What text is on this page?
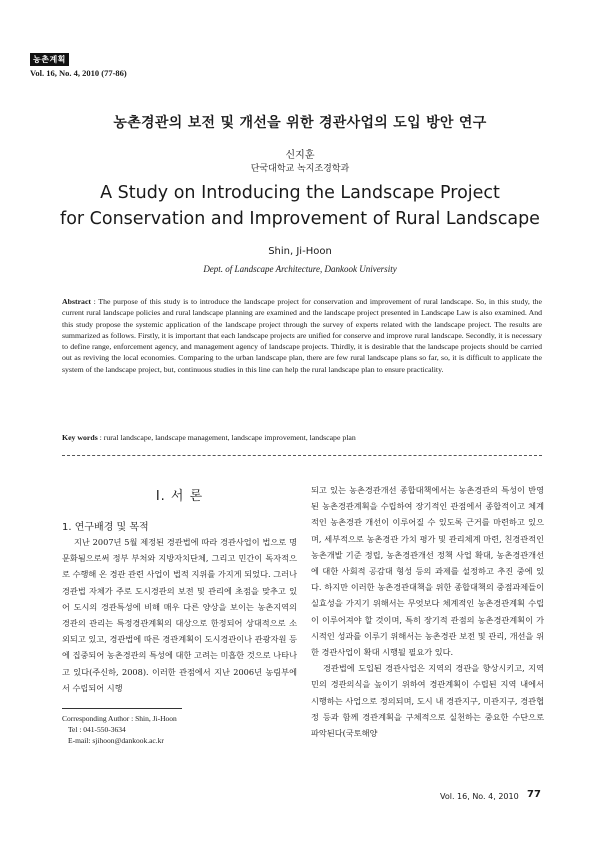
농촌계획
Vol. 16, No. 4, 2010 (77-86)
농촌경관의 보전 및 개선을 위한 경관사업의 도입 방안 연구
신지훈
단국대학교 녹지조경학과
A Study on Introducing the Landscape Project
for Conservation and Improvement of Rural Landscape
Shin, Ji-Hoon
Dept. of Landscape Architecture, Dankook University
Abstract : The purpose of this study is to introduce the landscape project for conservation and improvement of rural landscape. So, in this study, the current rural landscape policies and rural landscape planning are examined and the landscape project presented in Landscape Law is also examined. And this study propose the systemic application of the landscape project through the survey of experts related with the landscape project. The results are summarized as follows. Firstly, it is important that each landscape projects are unified for conserve and improve rural landscape. Secondly, it is necessary to define range, enforcement agency, and management agency of landscape projects. Thirdly, it is desirable that the landscape projects should be carried out as reviving the local economies. Comparing to the urban landscape plan, there are few rural landscape plans so far, so, it is difficult to applicate the system of the landscape project, but, continuous studies in this line can help the rural landscape plan to ensure practicality.
Key words : rural landscape, landscape management, landscape improvement, landscape plan
Ⅰ. 서 론
1. 연구배경 및 목적

지난 2007년 5월 제정된 경관법에 따라 경관사업이 법으로 명문화됨으로써 정부 부처와 지방자치단체, 그리고 민간이 독자적으로 수행해 온 경관 관련 사업이 법적 지위를 가지게 되었다. 그러나 경관법 자체가 주로 도시경관의 보전 및 관리에 초점을 맞추고 있어 도시의 경관특성에 비해 매우 다른 양상을 보이는 농촌지역의 경관의 관리는 특정경관계획의 대상으로 한정되어 상대적으로 소외되고 있고, 경관법에 따른 경관계획이 도시경관이나 관광자원 등에 집중되어 농촌경관의 특성에 대한 고려는 미흡한 것으로 나타나고 있다(주신하, 2008). 이러한 관점에서 지난 2006년 농림부에서 수립되어 시행

되고 있는 농촌경관개선 종합대책에서는 농촌경관의 특성이 반영된 농촌경관계획을 수립하여 장기적인 관점에서 종합적이고 체계적인 농촌경관 개선이 이루어질 수 있도록 근거를 마련하고 있으며, 세부적으로 농촌경관 가치 평가 및 관리체계 마련, 친경관적인 농촌개발 기준 정립, 농촌경관개선 정책 사업 확대, 농촌경관개선에 대한 사회적 공감대 형성 등의 과제를 설정하고 추진 중에 있다. 하지만 이러한 농촌경관대책을 위한 종합대책의 중점과제들이 실효성을 가지기 위해서는 무엇보다 체계적인 농촌경관계획 수립이 이루어져야 할 것이며, 특히 장기적 관점의 농촌경관계획이 가시적인 성과를 이루기 위해서는 농촌경관 보전 및 관리, 개선을 위한 경관사업이 확대 시행될 필요가 있다.

경관법에 도입된 경관사업은 지역의 경관을 향상시키고, 지역민의 경관의식을 높이기 위하여 경관계획이 수립된 지역 내에서 시행하는 사업으로 정의되며, 도시 내 경관지구, 미관지구, 경관협정 등과 함께 경관계획을 구체적으로 실천하는 중요한 수단으로 파악된다(국토해양

Corresponding Author : Shin, Ji-Hoon
Tel : 041-550-3634
E-mail: sjihoon@dankook.ac.kr
Vol. 16, No. 4, 2010 77
